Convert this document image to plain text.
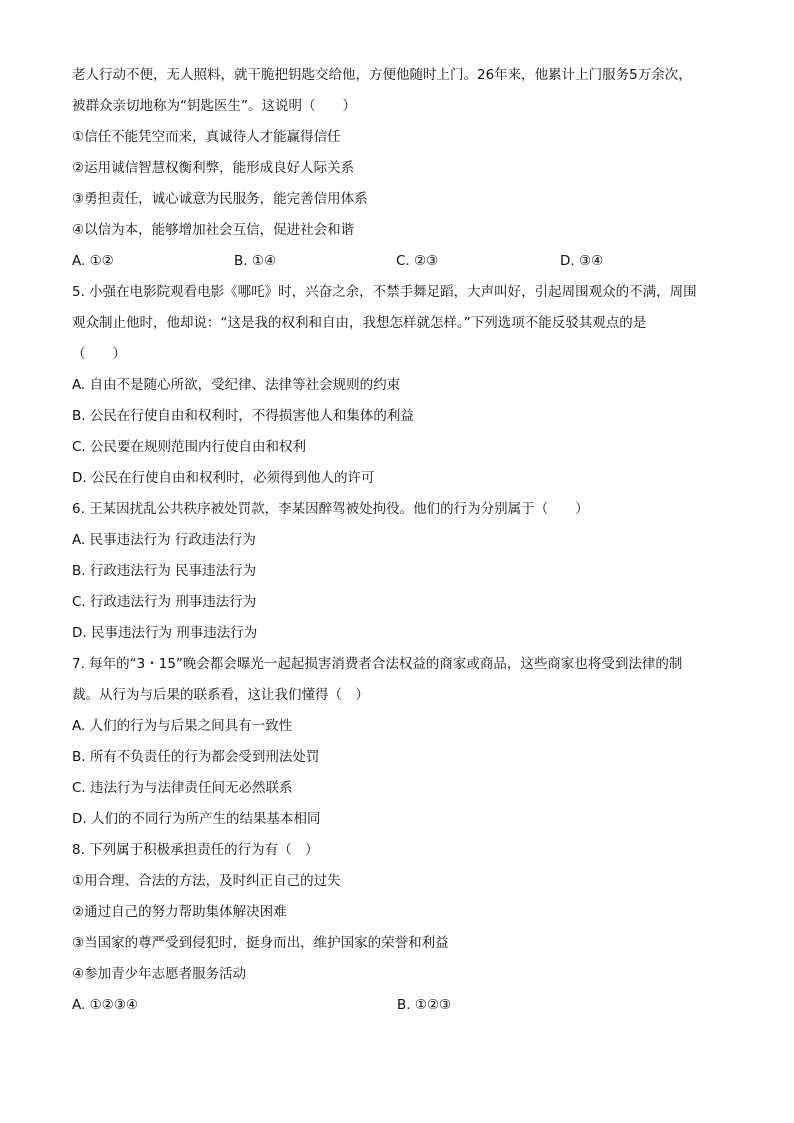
老人行动不便，无人照料，就干脆把钥匙交给他，方便他随时上门。26年来，他累计上门服务5万余次，
被群众亲切地称为“钥匙医生”。这说明（　　）
①信任不能凭空而来，真诚待人才能赢得信任
②运用诚信智慧权衡利弊，能形成良好人际关系
③勇担责任，诚心诚意为民服务，能完善信用体系
④以信为本，能够增加社会互信，促进社会和谐
A. ①②	B. ①④	C. ②③	D. ③④
5. 小强在电影院观看电影《哪吒》时，兴奋之余，不禁手舞足蹈，大声叫好，引起周围观众的不满，周围
观众制止他时，他却说：“这是我的权利和自由，我想怎样就怎样。”下列选项不能反驳其观点的是
（　　）
A. 自由不是随心所欲，受纪律、法律等社会规则的约束
B. 公民在行使自由和权利时，不得损害他人和集体的利益
C. 公民要在规则范围内行使自由和权利
D. 公民在行使自由和权利时，必须得到他人的许可
6. 王某因扰乱公共秩序被处罚款，李某因醉驾被处拘役。他们的行为分别属于（　　）
A. 民事违法行为 行政违法行为
B. 行政违法行为 民事违法行为
C. 行政违法行为 刑事违法行为
D. 民事违法行为 刑事违法行为
7. 每年的“3・15”晚会都会曝光一起起损害消费者合法权益的商家或商品，这些商家也将受到法律的制
裁。从行为与后果的联系看，这让我们懂得（　）
A. 人们的行为与后果之间具有一致性
B. 所有不负责任的行为都会受到刑法处罚
C. 违法行为与法律责任间无必然联系
D. 人们的不同行为所产生的结果基本相同
8. 下列属于积极承担责任的行为有（　）
①用合理、合法的方法，及时纠正自己的过失
②通过自己的努力帮助集体解决困难
③当国家的尊严受到侵犯时，挺身而出，维护国家的荣誉和利益
④参加青少年志愿者服务活动
A. ①②③④	B. ①②③
